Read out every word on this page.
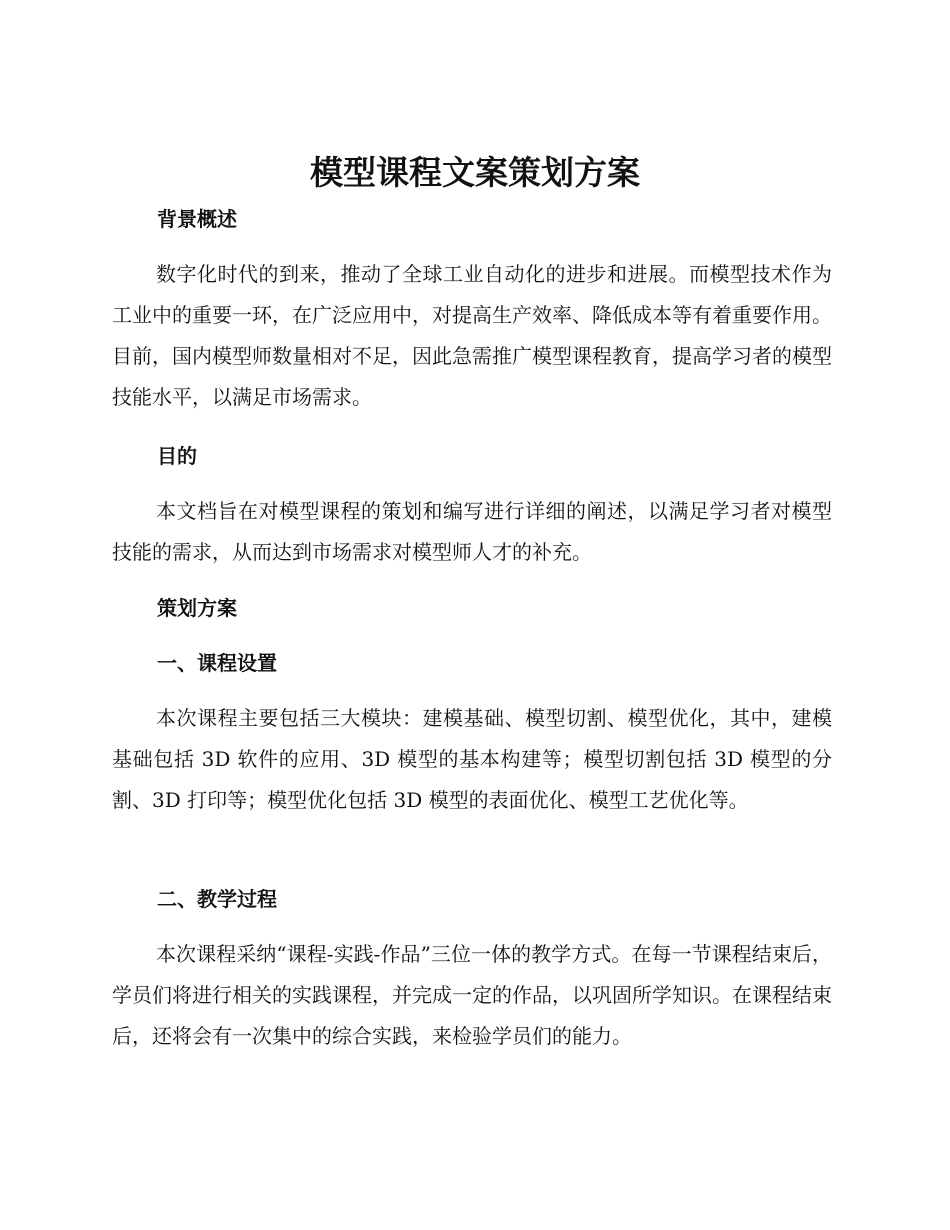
模型课程文案策划方案
背景概述
数字化时代的到来，推动了全球工业自动化的进步和进展。而模型技术作为工业中的重要一环，在广泛应用中，对提高生产效率、降低成本等有着重要作用。目前，国内模型师数量相对不足，因此急需推广模型课程教育，提高学习者的模型技能水平，以满足市场需求。
目的
本文档旨在对模型课程的策划和编写进行详细的阐述，以满足学习者对模型技能的需求，从而达到市场需求对模型师人才的补充。
策划方案
一、课程设置
本次课程主要包括三大模块：建模基础、模型切割、模型优化，其中，建模基础包括 3D 软件的应用、3D 模型的基本构建等；模型切割包括 3D 模型的分割、3D 打印等；模型优化包括 3D 模型的表面优化、模型工艺优化等。
二、教学过程
本次课程采纳“课程-实践-作品”三位一体的教学方式。在每一节课程结束后，学员们将进行相关的实践课程，并完成一定的作品，以巩固所学知识。在课程结束后，还将会有一次集中的综合实践，来检验学员们的能力。
